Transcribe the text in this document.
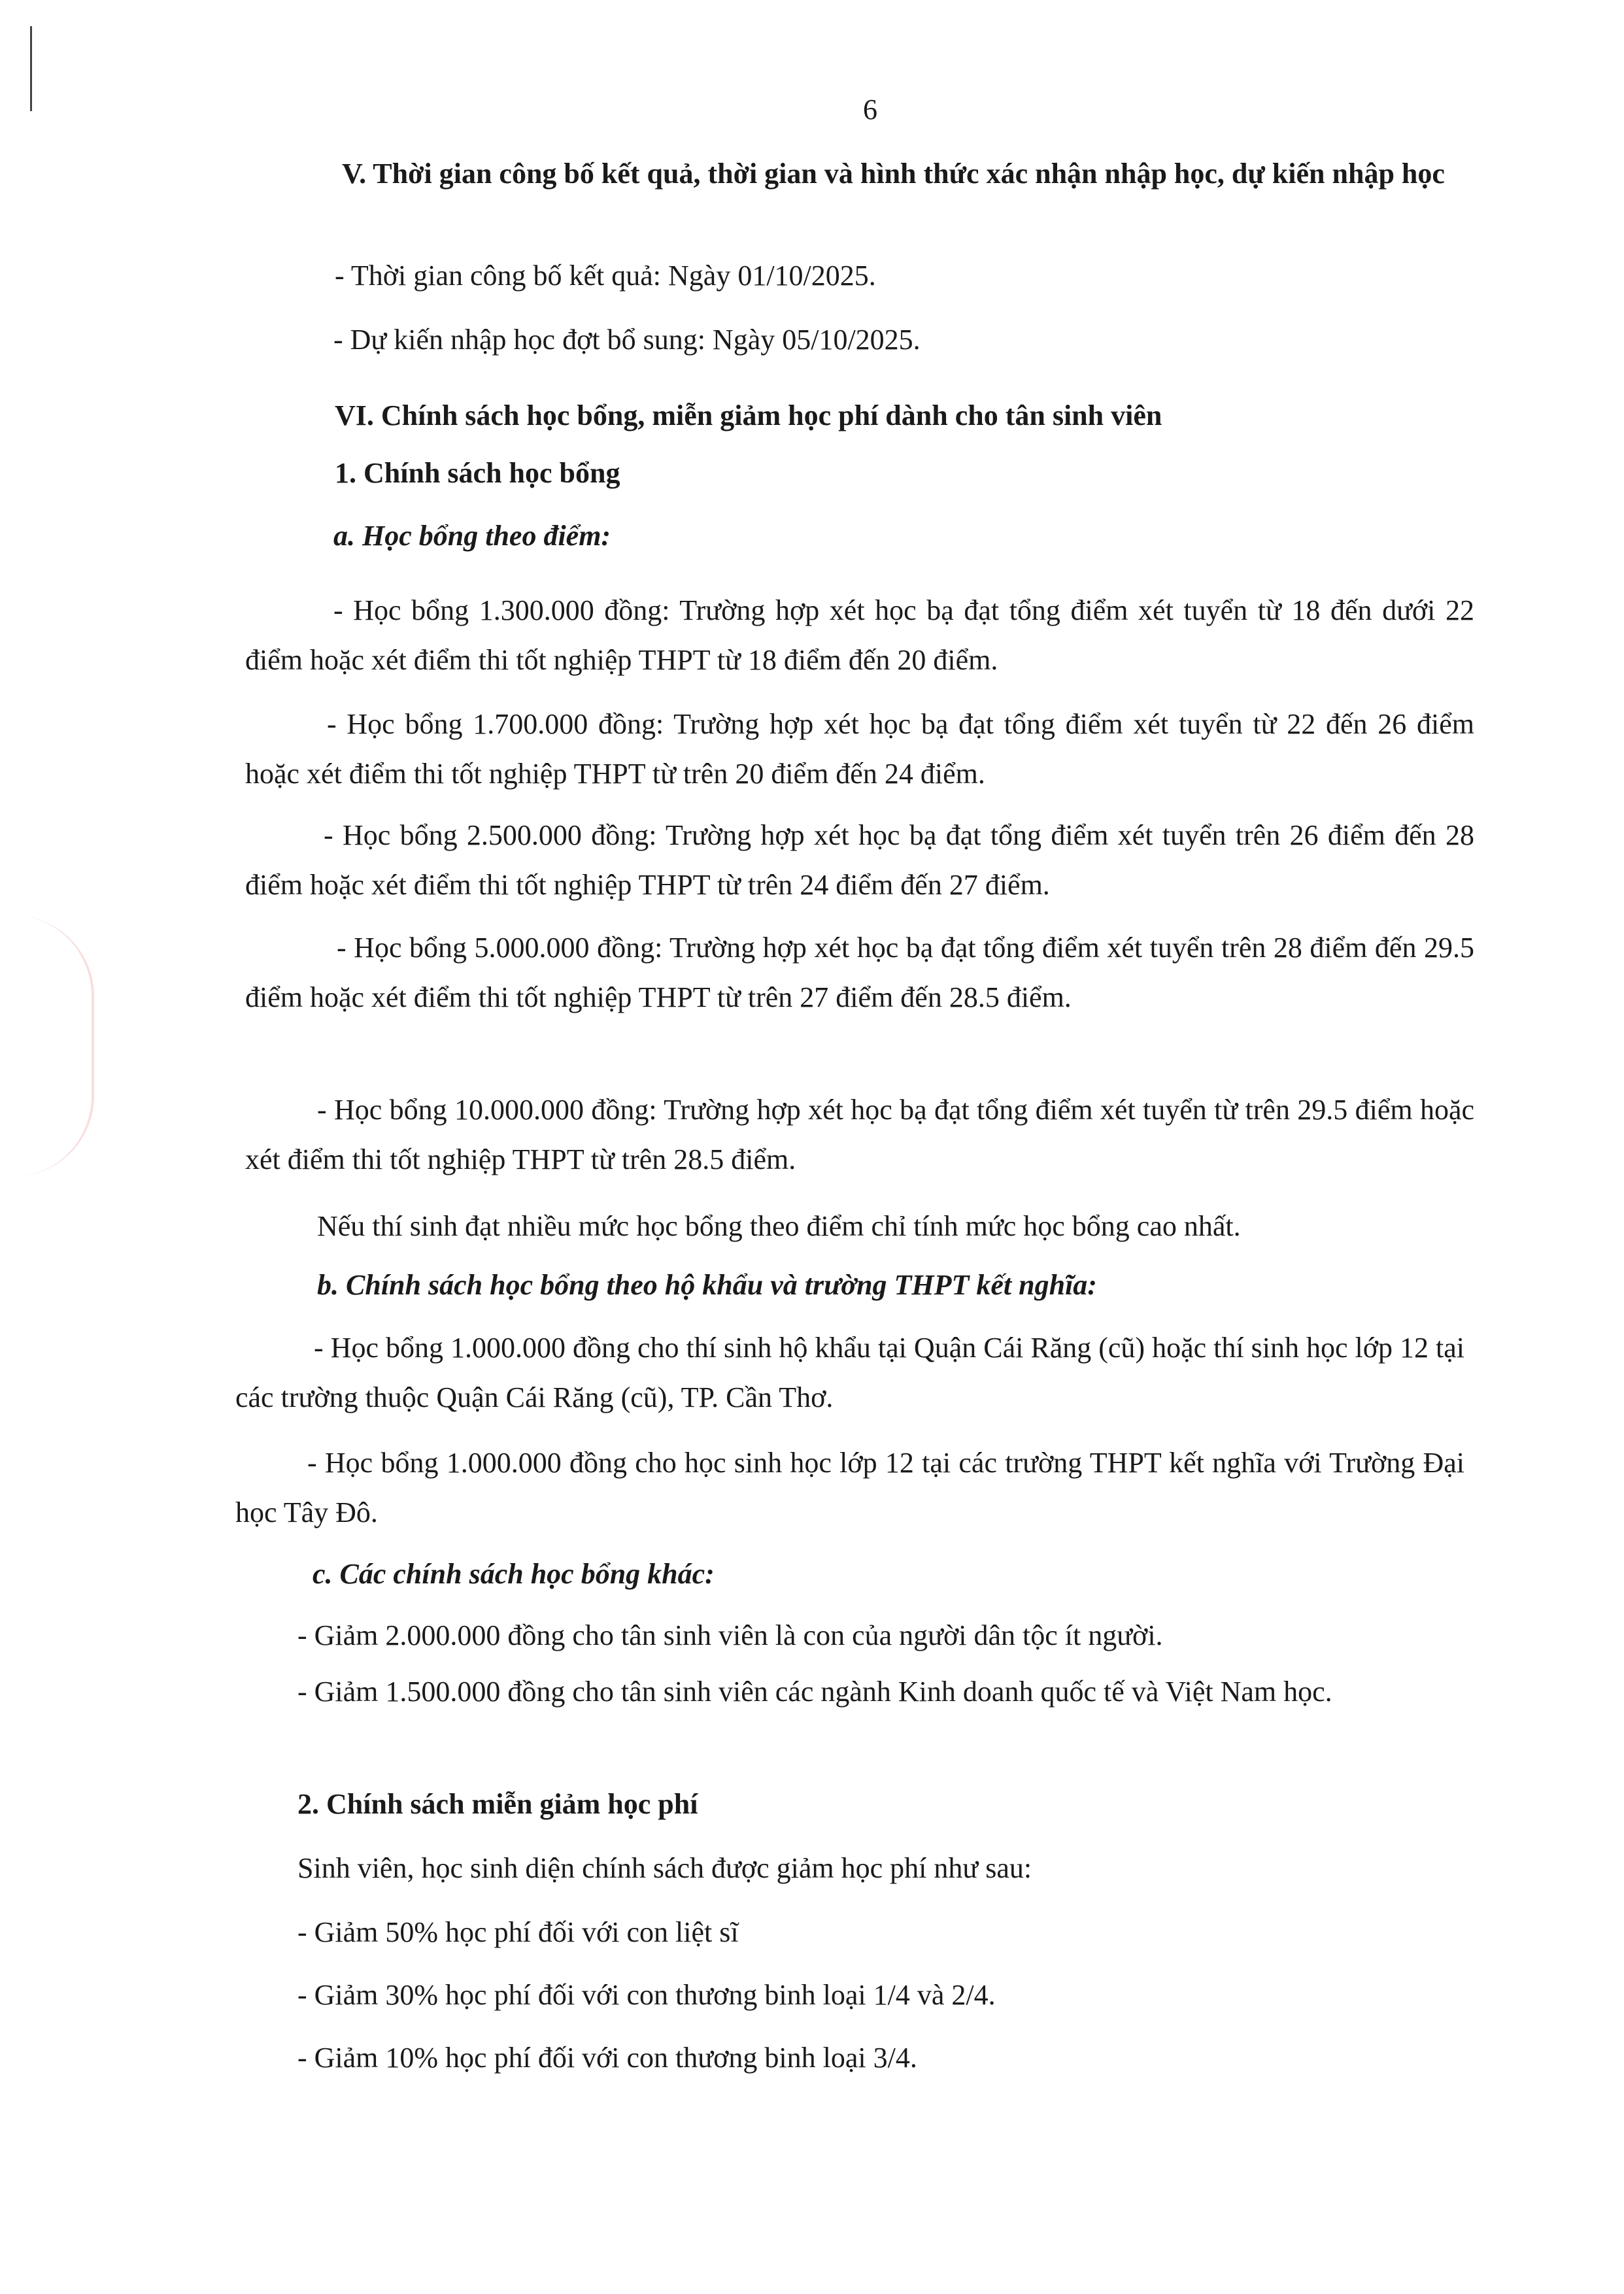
6

V. Thời gian công bố kết quả, thời gian và hình thức xác nhận nhập học, dự kiến nhập học

- Thời gian công bố kết quả: Ngày 01/10/2025.

- Dự kiến nhập học đợt bổ sung: Ngày 05/10/2025.

VI. Chính sách học bổng, miễn giảm học phí dành cho tân sinh viên

1. Chính sách học bổng

a. Học bổng theo điểm:

- Học bổng 1.300.000 đồng: Trường hợp xét học bạ đạt tổng điểm xét tuyển từ 18 đến dưới 22 điểm hoặc xét điểm thi tốt nghiệp THPT từ 18 điểm đến 20 điểm.

- Học bổng 1.700.000 đồng: Trường hợp xét học bạ đạt tổng điểm xét tuyển từ 22 đến 26 điểm hoặc xét điểm thi tốt nghiệp THPT từ trên 20 điểm đến 24 điểm.

- Học bổng 2.500.000 đồng: Trường hợp xét học bạ đạt tổng điểm xét tuyển trên 26 điểm đến 28 điểm hoặc xét điểm thi tốt nghiệp THPT từ trên 24 điểm đến 27 điểm.

- Học bổng 5.000.000 đồng: Trường hợp xét học bạ đạt tổng điểm xét tuyển trên 28 điểm đến 29.5 điểm hoặc xét điểm thi tốt nghiệp THPT từ trên 27 điểm đến 28.5 điểm.

- Học bổng 10.000.000 đồng: Trường hợp xét học bạ đạt tổng điểm xét tuyển từ trên 29.5 điểm hoặc xét điểm thi tốt nghiệp THPT từ trên 28.5 điểm.

Nếu thí sinh đạt nhiều mức học bổng theo điểm chỉ tính mức học bổng cao nhất.

b. Chính sách học bổng theo hộ khẩu và trường THPT kết nghĩa:

- Học bổng 1.000.000 đồng cho thí sinh hộ khẩu tại Quận Cái Răng (cũ) hoặc thí sinh học lớp 12 tại các trường thuộc Quận Cái Răng (cũ), TP. Cần Thơ.

- Học bổng 1.000.000 đồng cho học sinh học lớp 12 tại các trường THPT kết nghĩa với Trường Đại học Tây Đô.

c. Các chính sách học bổng khác:

- Giảm 2.000.000 đồng cho tân sinh viên là con của người dân tộc ít người.

- Giảm 1.500.000 đồng cho tân sinh viên các ngành Kinh doanh quốc tế và Việt Nam học.

2. Chính sách miễn giảm học phí

Sinh viên, học sinh diện chính sách được giảm học phí như sau:

- Giảm 50% học phí đối với con liệt sĩ

- Giảm 30% học phí đối với con thương binh loại 1/4 và 2/4.

- Giảm 10% học phí đối với con thương binh loại 3/4.
